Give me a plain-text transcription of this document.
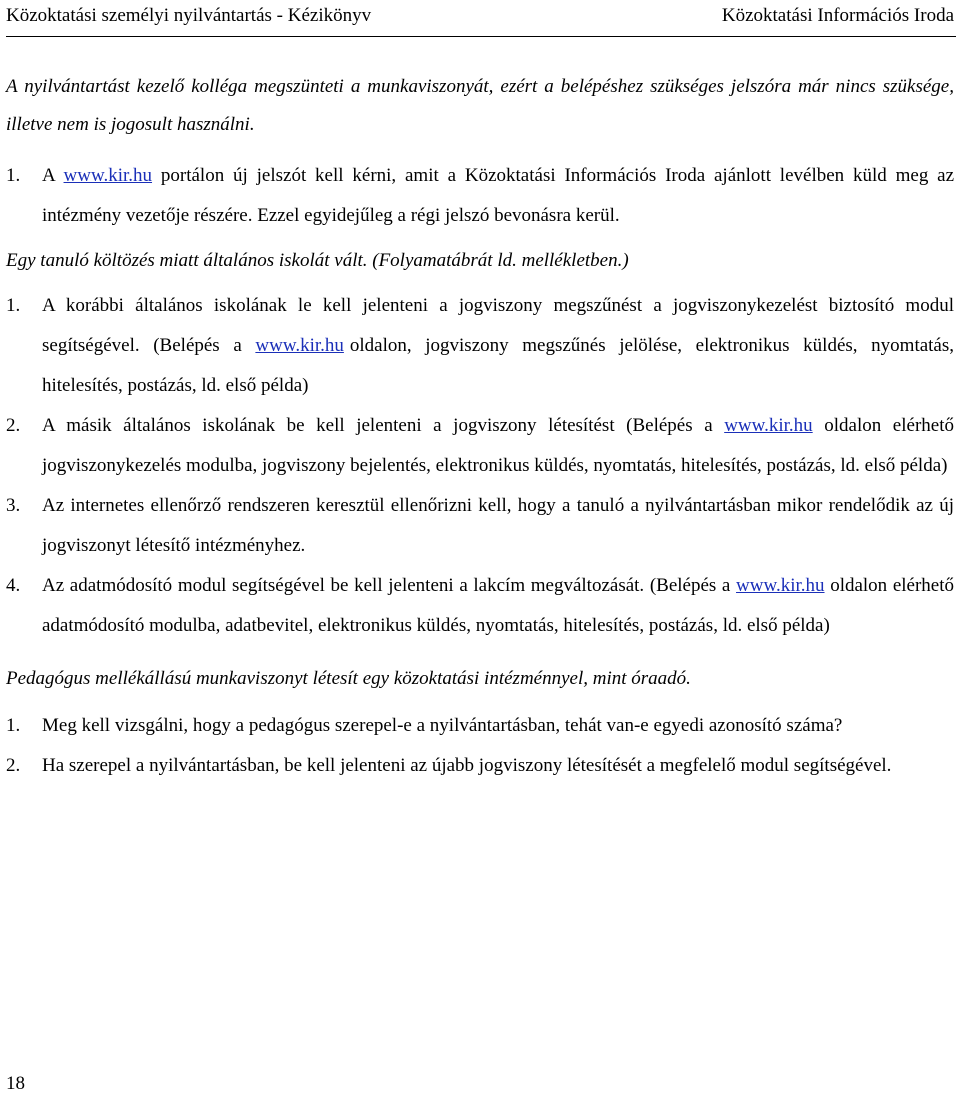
Közoktatási személyi nyilvántartás - Kézikönyv	Közoktatási Információs Iroda

A nyilvántartást kezelő kolléga megszünteti a munkaviszonyát, ezért a belépéshez szükséges jelszóra már nincs szüksége, illetve nem is jogosult használni.

1. A www.kir.hu portálon új jelszót kell kérni, amit a Közoktatási Információs Iroda ajánlott levélben küld meg az intézmény vezetője részére. Ezzel egyidejűleg a régi jelszó bevonásra kerül.

Egy tanuló költözés miatt általános iskolát vált. (Folyamatábrát ld. mellékletben.)

1. A korábbi általános iskolának le kell jelenteni a jogviszony megszűnést a jogviszonykezelést biztosító modul segítségével. (Belépés a www.kir.hu oldalon, jogviszony megszűnés jelölése, elektronikus küldés, nyomtatás, hitelesítés, postázás, ld. első példa)
2. A másik általános iskolának be kell jelenteni a jogviszony létesítést (Belépés a www.kir.hu oldalon elérhető jogviszonykezelés modulba, jogviszony bejelentés, elektronikus küldés, nyomtatás, hitelesítés, postázás, ld. első példa)
3. Az internetes ellenőrző rendszeren keresztül ellenőrizni kell, hogy a tanuló a nyilvántartásban mikor rendelődik az új jogviszonyt létesítő intézményhez.
4. Az adatmódosító modul segítségével be kell jelenteni a lakcím megváltozását. (Belépés a www.kir.hu oldalon elérhető adatmódosító modulba, adatbevitel, elektronikus küldés, nyomtatás, hitelesítés, postázás, ld. első példa)

Pedagógus mellékállású munkaviszonyt létesít egy közoktatási intézménnyel, mint óraadó.

1. Meg kell vizsgálni, hogy a pedagógus szerepel-e a nyilvántartásban, tehát van-e egyedi azonosító száma?
2. Ha szerepel a nyilvántartásban, be kell jelenteni az újabb jogviszony létesítését a megfelelő modul segítségével.
18
